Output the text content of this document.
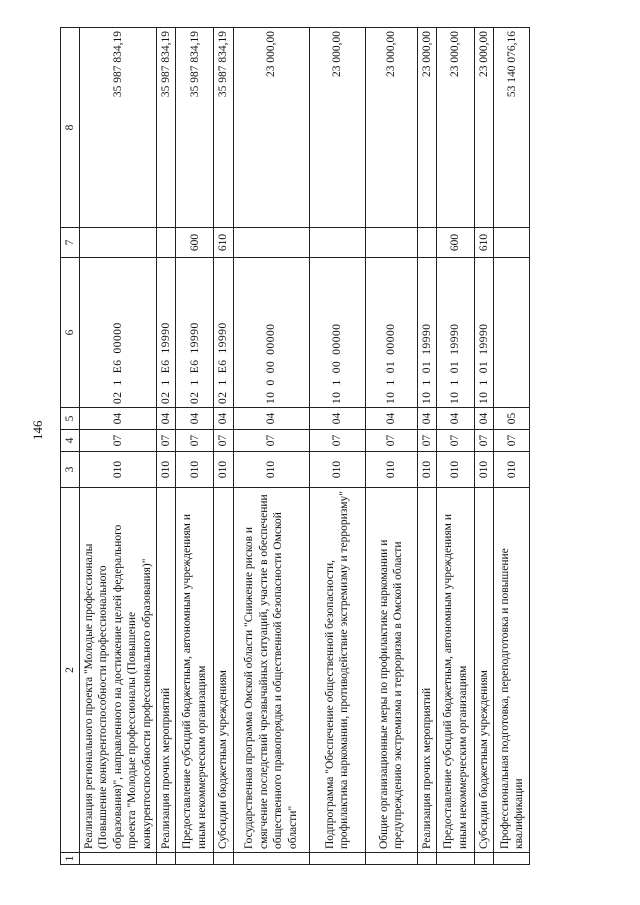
146
1	2	3	4	5	6	7	8
	Реализация регионального проекта "Молодые профессионалы (Повышение конкурентоспособности профессионального образования)", направленного на достижение целей федерального проекта "Молодые профессионалы (Повышение конкурентоспособности профессионального образования)"	010	07	04	021Е600000		35 987 834,19
	Реализация прочих мероприятий	010	07	04	021Е619990		35 987 834,19
	Предоставление субсидий бюджетным, автономным учреждениям и иным некоммерческим организациям	010	07	04	021Е619990	600	35 987 834,19
	Субсидии бюджетным учреждениям	010	07	04	021Е619990	610	35 987 834,19
	Государственная программа Омской области "Снижение рисков и смягчение последствий чрезвычайных ситуаций, участие в обеспечении общественного правопорядка и общественной безопасности Омской области"	010	07	04	1000000000		23 000,00
	Подпрограмма "Обеспечение общественной безопасности, профилактика наркомании, противодействие экстремизму и терроризму"	010	07	04	1010000000		23 000,00
	Общие организационные меры по профилактике наркомании и предупреждению экстремизма и терроризма в Омской области	010	07	04	1010100000		23 000,00
	Реализация прочих мероприятий	010	07	04	1010119990		23 000,00
	Предоставление субсидий бюджетным, автономным учреждениям и иным некоммерческим организациям	010	07	04	1010119990	600	23 000,00
	Субсидии бюджетным учреждениям	010	07	04	1010119990	610	23 000,00
	Профессиональная подготовка, переподготовка и повышение квалификации	010	07	05			53 140 076,16
